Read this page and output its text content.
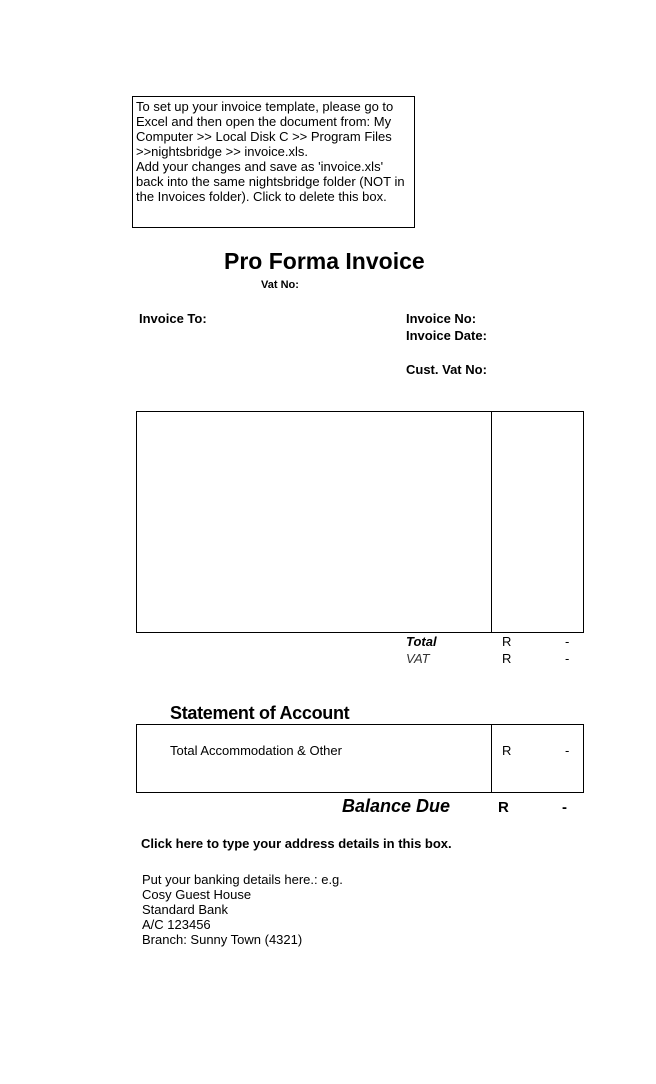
To set up your invoice template, please go to
Excel and then open the document from: My
Computer >> Local Disk C >> Program Files
>>nightsbridge >> invoice.xls.
Add your changes and save as 'invoice.xls'
back into the same nightsbridge folder (NOT in
the Invoices folder). Click to delete this box.
Pro Forma Invoice
Vat No:
Invoice To:	Invoice No:
Invoice Date:
Cust. Vat No:
Total	R	-
VAT	R	-
Statement of Account
Total Accommodation & Other	R	-
Balance Due	R	-
Click here to type your address details in this box.
Put your banking details here.: e.g.
Cosy Guest House
Standard Bank
A/C 123456
Branch: Sunny Town (4321)
